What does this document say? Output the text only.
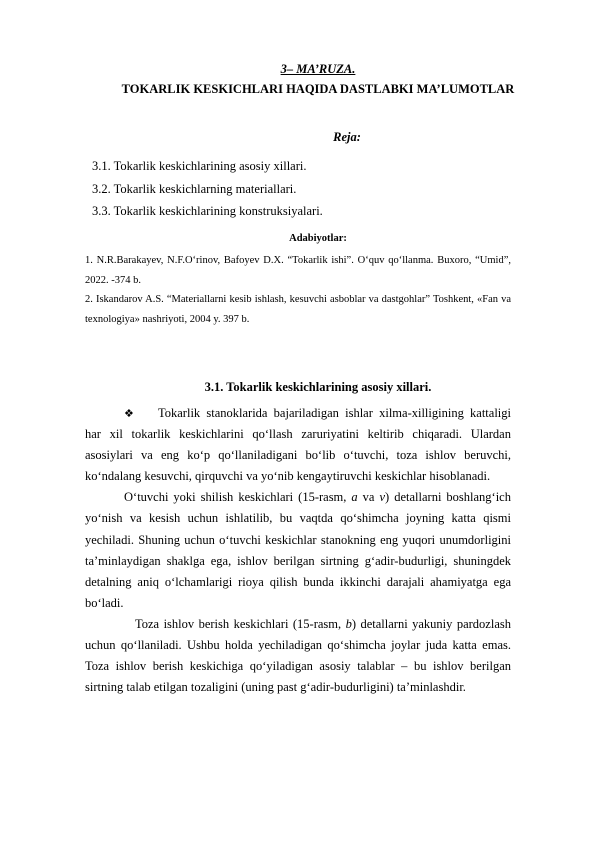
3– MA’RUZA.
TOKARLIK KESKICHLARI HAQIDA DASTLABKI MA’LUMOTLAR
Reja:
3.1. Tokarlik keskichlarining asosiy xillari.
3.2. Tokarlik keskichlarning materiallari.
3.3. Tokarlik keskichlarining konstruksiyalari.
Adabiyotlar:

1. N.R.Barakayev, N.F.O‘rinov, Bafoyev D.X. “Tokarlik ishi”. O‘quv qo‘llanma. Buxoro, “Umid”, 2022. -374 b.

2. Iskandarov A.S. “Materiallarni kesib ishlash, kesuvchi asboblar va dastgohlar” Toshkent, «Fan va texnologiya» nashriyoti, 2004 y. 397 b.

3.1. Tokarlik keskichlarining asosiy xillari.

❖ Tokarlik stanoklarida bajariladigan ishlar xilma-xilligining kattaligi har xil tokarlik keskichlarini qo‘llash zaruriyatini keltirib chiqaradi. Ulardan asosiylari va eng ko‘p qo‘llaniladigani bo‘lib o‘tuvchi, toza ishlov beruvchi, ko‘ndalang kesuvchi, qirquvchi va yo‘nib kengaytiruvchi keskichlar hisoblanadi.

O‘tuvchi yoki shilish keskichlari (15-rasm, a va v) detallarni boshlang‘ich yo‘nish va kesish uchun ishlatilib, bu vaqtda qo‘shimcha joyning katta qismi yechiladi. Shuning uchun o‘tuvchi keskichlar stanokning eng yuqori unumdorligini ta’minlaydigan shaklga ega, ishlov berilgan sirtning g‘adir-budurligi, shuningdek detalning aniq o‘lchamlarigi rioya qilish bunda ikkinchi darajali ahamiyatga ega bo‘ladi.

Toza ishlov berish keskichlari (15-rasm, b) detallarni yakuniy pardozlash uchun qo‘llaniladi. Ushbu holda yechiladigan qo‘shimcha joylar juda katta emas. Toza ishlov berish keskichiga qo‘yiladigan asosiy talablar – bu ishlov berilgan sirtning talab etilgan tozaligini (uning past g‘adir-budurligini) ta’minlashdir.
